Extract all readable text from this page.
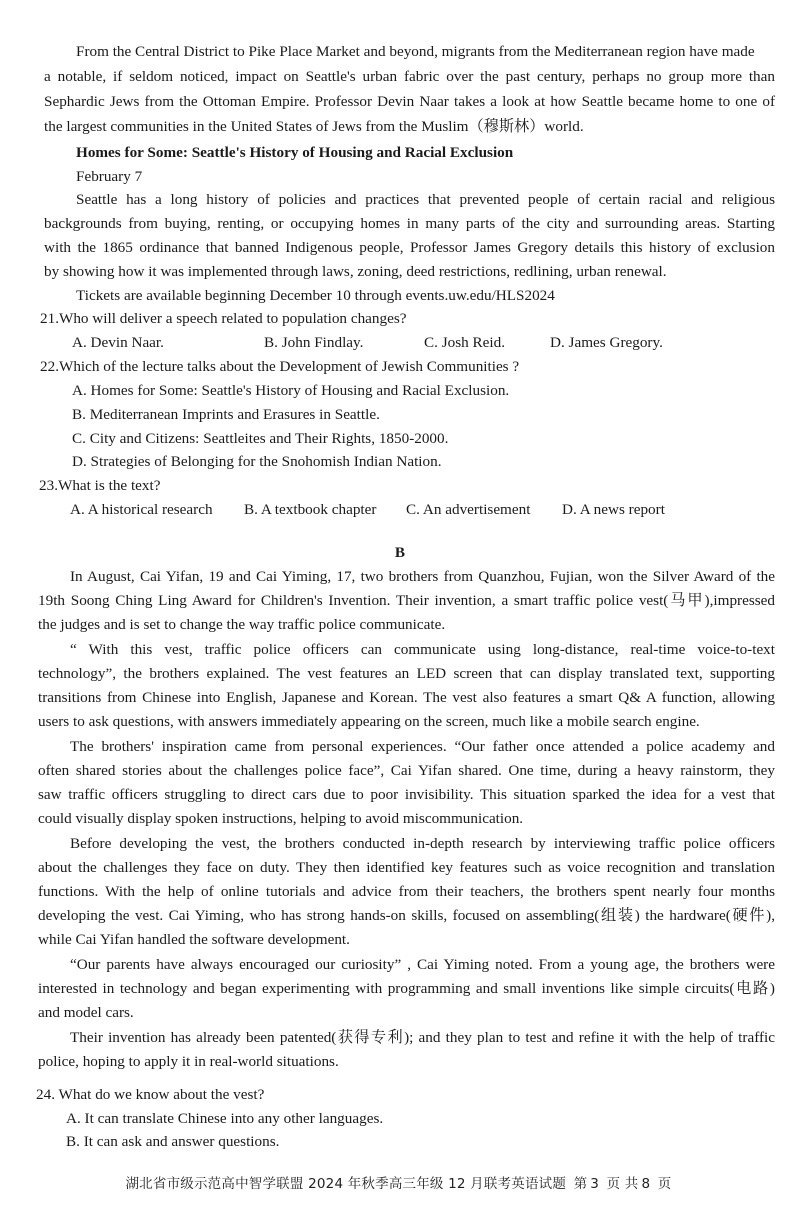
From the Central District to Pike Place Market and beyond, migrants from the Mediterranean region have made
a notable, if seldom noticed, impact on Seattle's urban fabric over the past century, perhaps no group more than
Sephardic Jews from the Ottoman Empire. Professor Devin Naar takes a look at how Seattle became home to one of
the largest communities in the United States of Jews from the Muslim（穆斯林）world.
Homes for Some: Seattle's History of Housing and Racial Exclusion
February 7
Seattle has a long history of policies and practices that prevented people of certain racial and religious
backgrounds from buying, renting, or occupying homes in many parts of the city and surrounding areas. Starting
with the 1865 ordinance that banned Indigenous people, Professor James Gregory details this history of exclusion
by showing how it was implemented through laws, zoning, deed restrictions, redlining, urban renewal.
Tickets are available beginning December 10 through events.uw.edu/HLS2024
21.Who will deliver a speech related to population changes?
A. Devin Naar.	B. John Findlay.	C. Josh Reid.	D. James Gregory.
22.Which of the lecture talks about the Development of Jewish Communities ?
A. Homes for Some: Seattle's History of Housing and Racial Exclusion.
B. Mediterranean Imprints and Erasures in Seattle.
C. City and Citizens: Seattleites and Their Rights, 1850-2000.
D. Strategies of Belonging for the Snohomish Indian Nation.
23.What is the text?
A. A historical research B. A textbook chapter C. An advertisement D. A news report
B
In August, Cai Yifan, 19 and Cai Yiming, 17, two brothers from Quanzhou, Fujian, won the Silver Award of the
19th Soong Ching Ling Award for Children's Invention. Their invention, a smart traffic police vest(马甲),impressed
the judges and is set to change the way traffic police communicate.
“ With this vest, traffic police officers can communicate using long-distance, real-time voice-to-text
technology”, the brothers explained. The vest features an LED screen that can display translated text, supporting
transitions from Chinese into English, Japanese and Korean. The vest also features a smart Q& A function, allowing
users to ask questions, with answers immediately appearing on the screen, much like a mobile search engine.
The brothers' inspiration came from personal experiences. “Our father once attended a police academy and
often shared stories about the challenges police face”, Cai Yifan shared. One time, during a heavy rainstorm, they
saw traffic officers struggling to direct cars due to poor invisibility. This situation sparked the idea for a vest that
could visually display spoken instructions, helping to avoid miscommunication.
Before developing the vest, the brothers conducted in-depth research by interviewing traffic police officers
about the challenges they face on duty. They then identified key features such as voice recognition and translation
functions. With the help of online tutorials and advice from their teachers, the brothers spent nearly four months
developing the vest. Cai Yiming, who has strong hands-on skills, focused on assembling(组装) the hardware(硬件),
while Cai Yifan handled the software development.
“Our parents have always encouraged our curiosity” , Cai Yiming noted. From a young age, the brothers were
interested in technology and began experimenting with programming and small inventions like simple circuits(电路)
and model cars.
Their invention has already been patented(获得专利); and they plan to test and refine it with the help of traffic
police, hoping to apply it in real-world situations.
24. What do we know about the vest?
A. It can translate Chinese into any other languages.
B. It can ask and answer questions.
湖北省市级示范高中智学联盟 2024 年秋季高三年级 12 月联考英语试题 第 3 页 共 8 页
